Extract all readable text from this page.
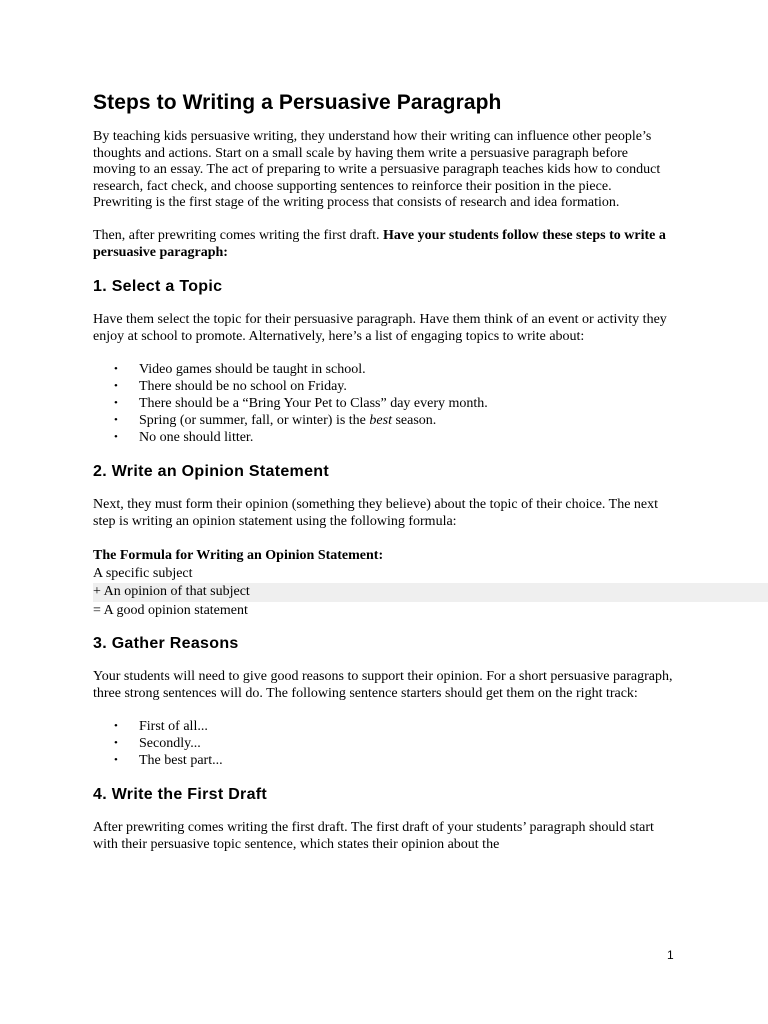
Steps to Writing a Persuasive Paragraph

By teaching kids persuasive writing, they understand how their writing can influence other people’s thoughts and actions. Start on a small scale by having them write a persuasive paragraph before moving to an essay. The act of preparing to write a persuasive paragraph teaches kids how to conduct research, fact check, and choose supporting sentences to reinforce their position in the piece. Prewriting is the first stage of the writing process that consists of research and idea formation.

Then, after prewriting comes writing the first draft. Have your students follow these steps to write a persuasive paragraph:

1. Select a Topic

Have them select the topic for their persuasive paragraph. Have them think of an event or activity they enjoy at school to promote. Alternatively, here’s a list of engaging topics to write about:

• Video games should be taught in school.
• There should be no school on Friday.
• There should be a “Bring Your Pet to Class” day every month.
• Spring (or summer, fall, or winter) is the best season.
• No one should litter.
2. Write an Opinion Statement

Next, they must form their opinion (something they believe) about the topic of their choice. The next step is writing an opinion statement using the following formula:

The Formula for Writing an Opinion Statement:

A specific subject

+ An opinion of that subject

= A good opinion statement

3. Gather Reasons

Your students will need to give good reasons to support their opinion. For a short persuasive paragraph, three strong sentences will do. The following sentence starters should get them on the right track:

• First of all...
• Secondly...
• The best part...
4. Write the First Draft

After prewriting comes writing the first draft. The first draft of your students’ paragraph should start with their persuasive topic sentence, which states their opinion about the

1
